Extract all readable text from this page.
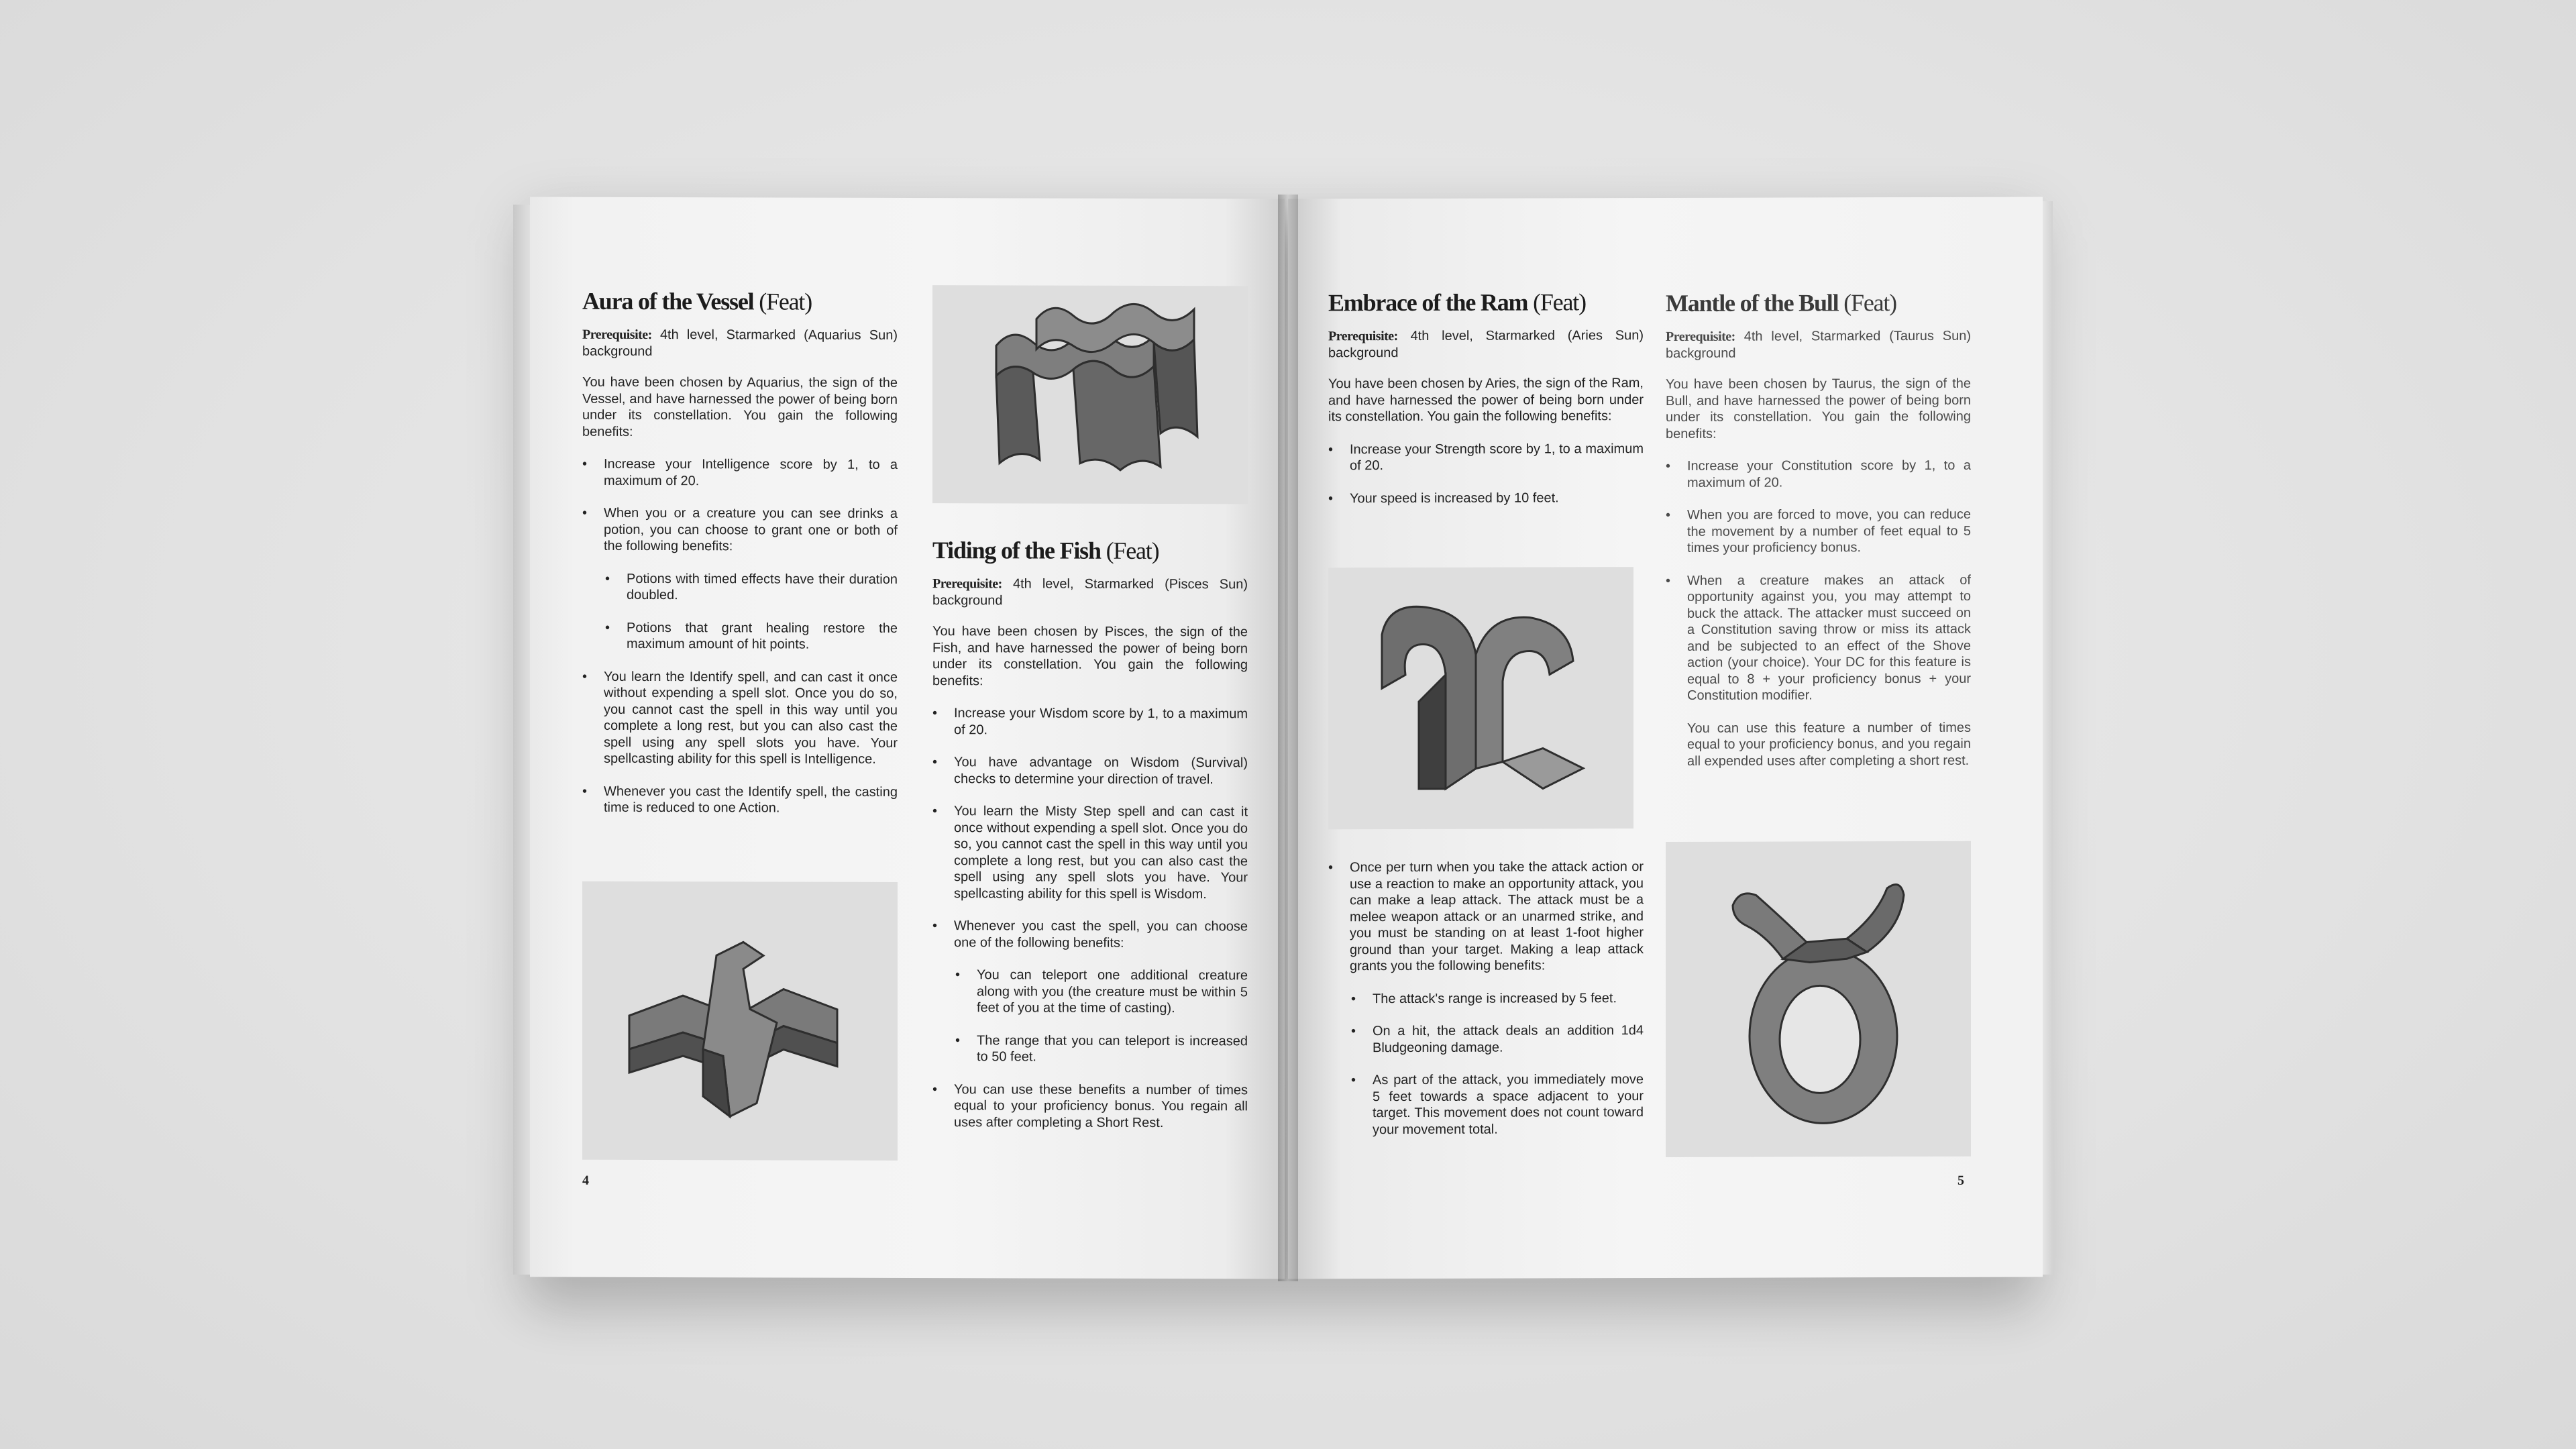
Aura of the Vessel (Feat)

Prerequisite: 4th level, Starmarked (Aquarius Sun) background

You have been chosen by Aquarius, the sign of the Vessel, and have harnessed the power of being born under its constellation. You gain the following benefits:

• Increase your Intelligence score by 1, to a maximum of 20.
• When you or a creature you can see drinks a potion, you can choose to grant one or both of the following benefits:
• Potions with timed effects have their duration doubled.
• Potions that grant healing restore the maximum amount of hit points.
• You learn the Identify spell, and can cast it once without expending a spell slot. Once you do so, you cannot cast the spell in this way until you complete a long rest, but you can also cast the spell using any spell slots you have. Your spellcasting ability for this spell is Intelligence.
• Whenever you cast the Identify spell, the casting time is reduced to one Action.
4
Tiding of the Fish (Feat)

Prerequisite: 4th level, Starmarked (Pisces Sun) background

You have been chosen by Pisces, the sign of the Fish, and have harnessed the power of being born under its constellation. You gain the following benefits:

• Increase your Wisdom score by 1, to a maximum of 20.
• You have advantage on Wisdom (Survival) checks to determine your direction of travel.
• You learn the Misty Step spell and can cast it once without expending a spell slot. Once you do so, you cannot cast the spell in this way until you complete a long rest, but you can also cast the spell using any spell slots you have. Your spellcasting ability for this spell is Wisdom.
• Whenever you cast the spell, you can choose one of the following benefits:
• You can teleport one additional creature along with you (the creature must be within 5 feet of you at the time of casting).
• The range that you can teleport is increased to 50 feet.
• You can use these benefits a number of times equal to your proficiency bonus. You regain all uses after completing a Short Rest.
Embrace of the Ram (Feat)

Prerequisite: 4th level, Starmarked (Aries Sun) background

You have been chosen by Aries, the sign of the Ram, and have harnessed the power of being born under its constellation. You gain the following benefits:

• Increase your Strength score by 1, to a maximum of 20.
• Your speed is increased by 10 feet.
• Once per turn when you take the attack action or use a reaction to make an opportunity attack, you can make a leap attack. The attack must be a melee weapon attack or an unarmed strike, and you must be standing on at least 1-foot higher ground than your target. Making a leap attack grants you the following benefits:
• The attack's range is increased by 5 feet.
• On a hit, the attack deals an addition 1d4 Bludgeoning damage.
• As part of the attack, you immediately move 5 feet towards a space adjacent to your target. This movement does not count toward your movement total.
Mantle of the Bull (Feat)

Prerequisite: 4th level, Starmarked (Taurus Sun) background

You have been chosen by Taurus, the sign of the Bull, and have harnessed the power of being born under its constellation. You gain the following benefits:

• Increase your Constitution score by 1, to a maximum of 20.
• When you are forced to move, you can reduce the movement by a number of feet equal to 5 times your proficiency bonus.
• When a creature makes an attack of opportunity against you, you may attempt to buck the attack. The attacker must succeed on a Constitution saving throw or miss its attack and be subjected to an effect of the Shove action (your choice). Your DC for this feature is equal to 8 + your proficiency bonus + your Constitution modifier.

You can use this feature a number of times equal to your proficiency bonus, and you regain all expended uses after completing a short rest.

5
